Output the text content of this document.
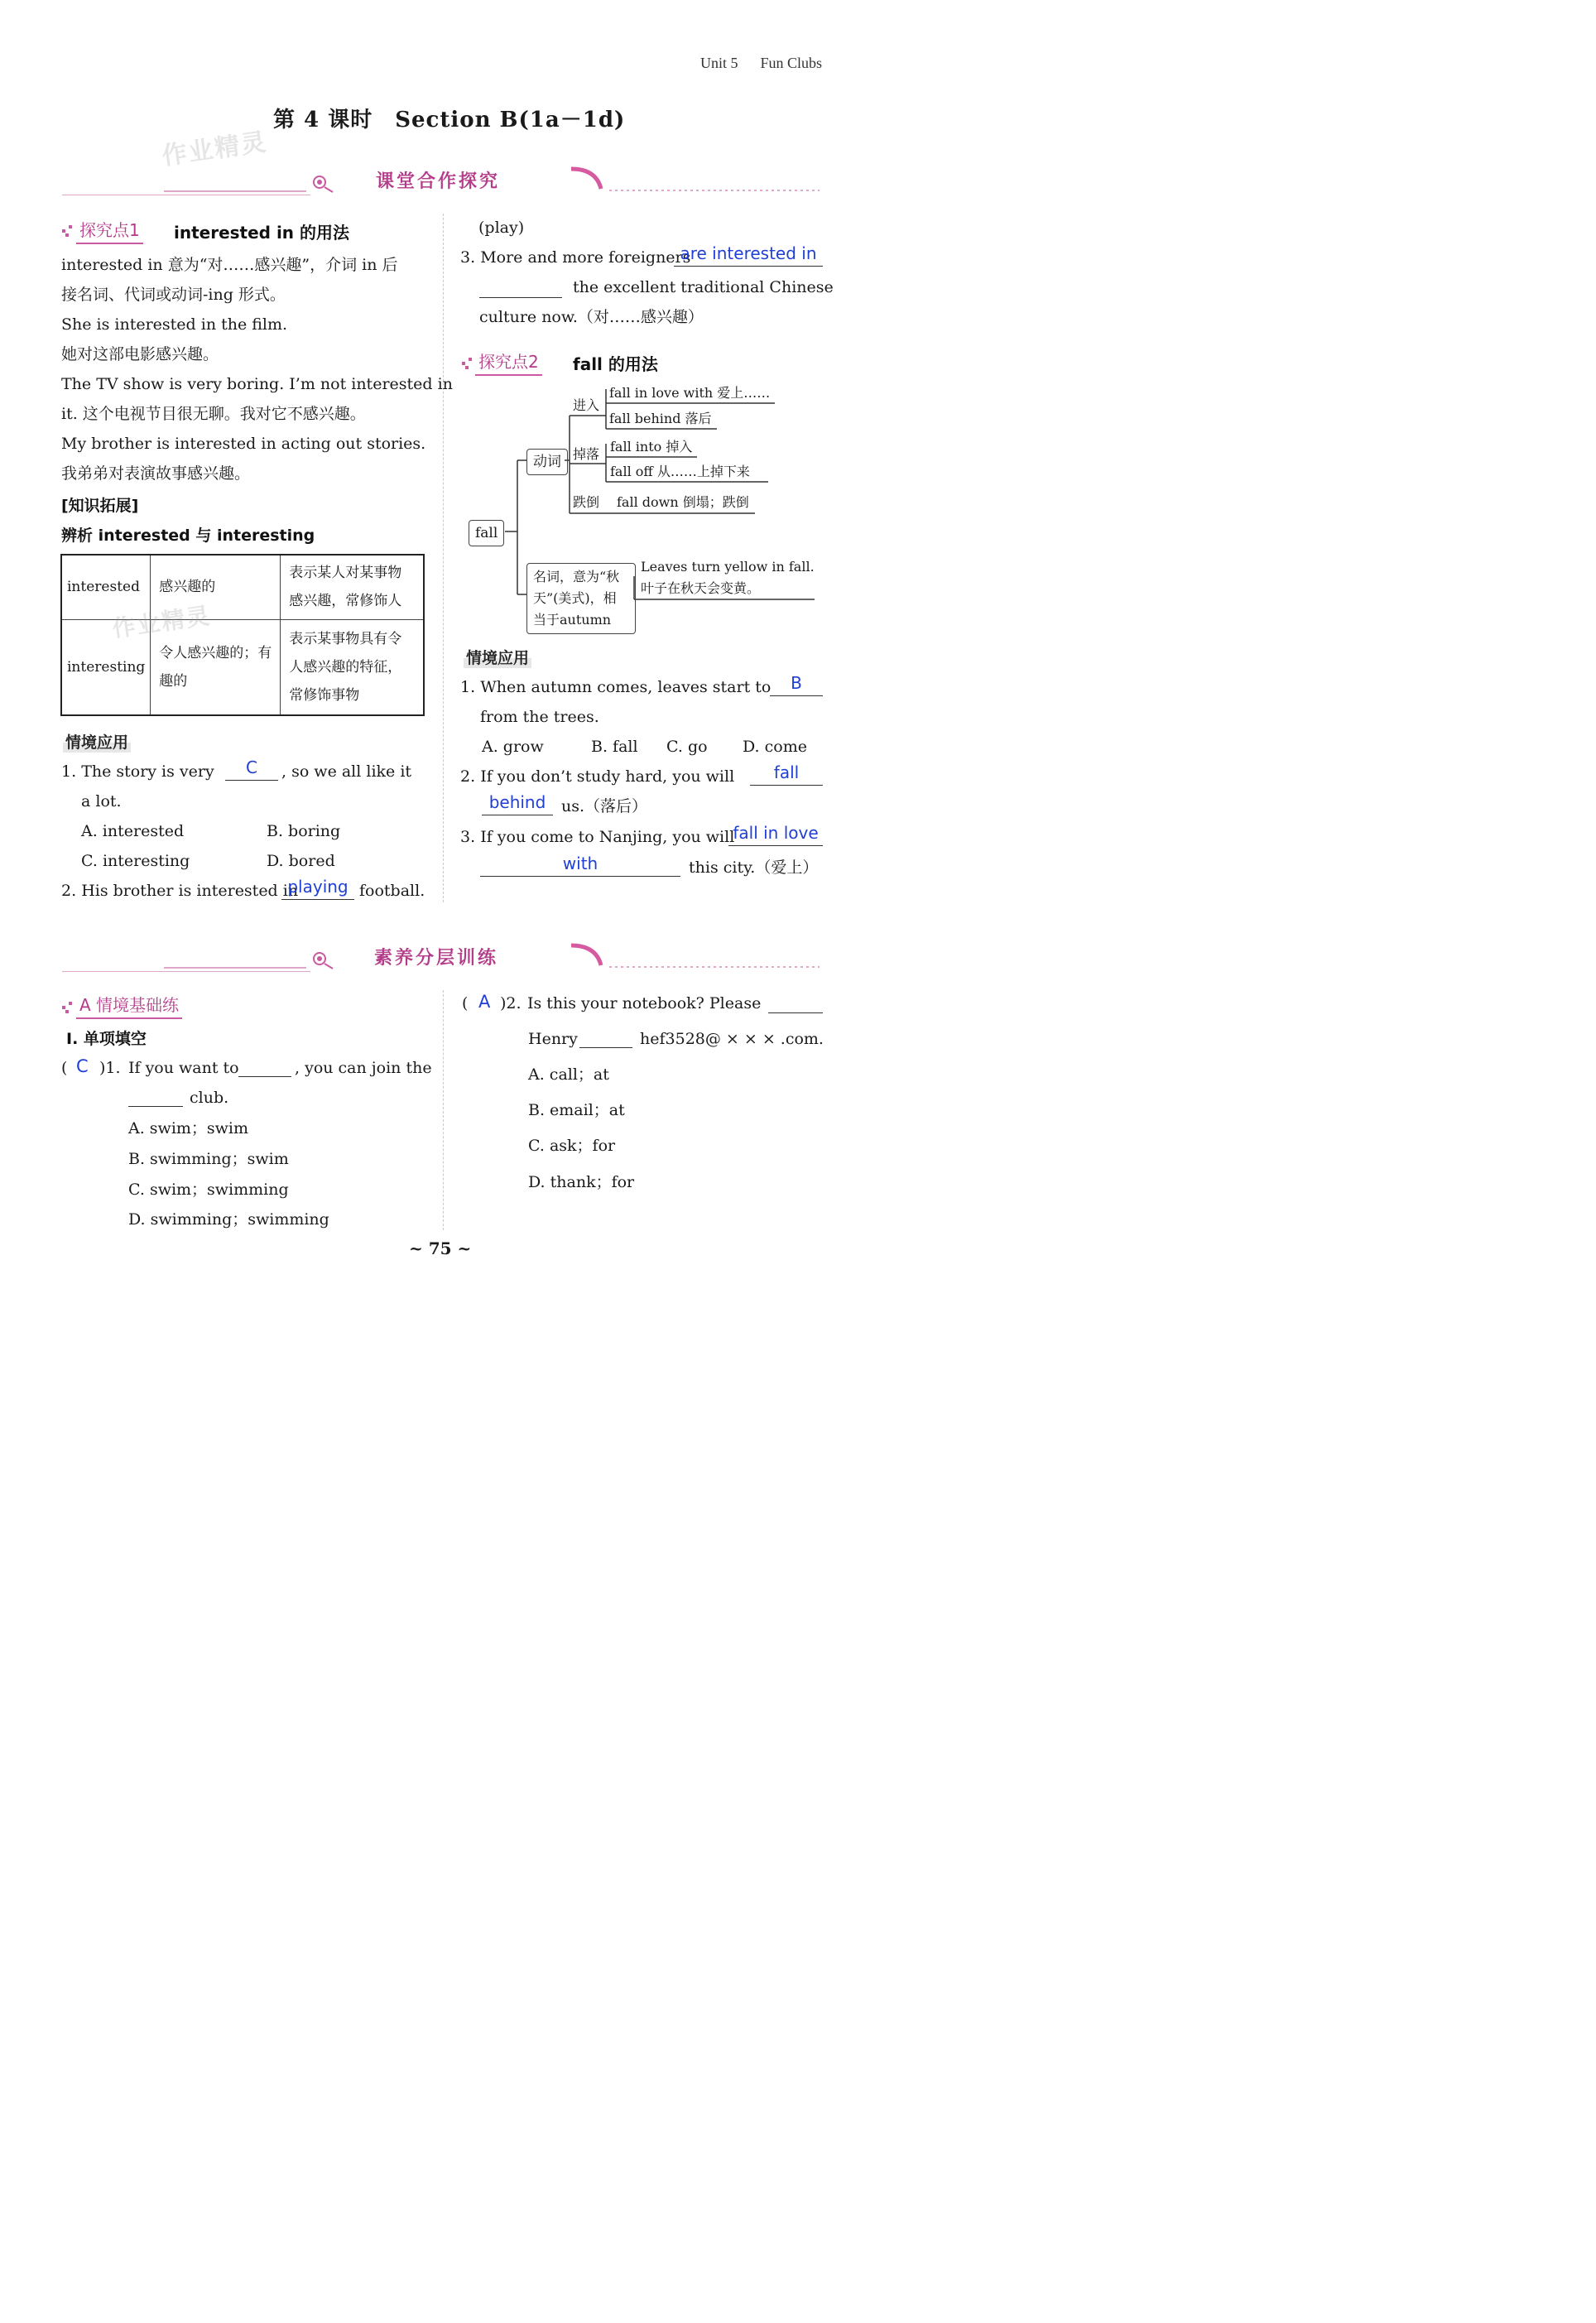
Unit 5 Fun Clubs
第 4 课时　Section B(1a－1d)
作业精灵
课堂合作探究
探究点1 interested in 的用法
interested in 意为“对……感兴趣”，介词 in 后
接名词、代词或动词-ing 形式。
She is interested in the film.
她对这部电影感兴趣。
The TV show is very boring. I’m not interested in
it. 这个电视节目很无聊。我对它不感兴趣。
My brother is interested in acting out stories.
我弟弟对表演故事感兴趣。
[知识拓展]
辨析 interested 与 interesting
interested	感兴趣的	表示某人对某事物感兴趣，常修饰人
interesting	令人感兴趣的；有趣的	表示某事物具有令人感兴趣的特征，常修饰事物
作业精灵
情境应用
1. The story is very	C	, so we all like it
a lot.
A. interested	B. boring
C. interesting	D. bored
2. His brother is interested in
playing football.
(play)
3. More and more foreigners
are interested in
the excellent traditional Chinese
culture now.（对……感兴趣）
探究点2 fall 的用法
fall
动词
进入
fall in love with 爱上……
fall behind 落后
掉落 fall into 掉入
fall off 从……上掉下来
跌倒 fall down 倒塌；跌倒
名词，意为“秋
天”(美式)，相
当于autumn
Leaves turn yellow in fall.
叶子在秋天会变黄。
情境应用
1. When autumn comes, leaves start to	B
from the trees.
A. grow	B. fall C. go D. come
2. If you don’t study hard, you will	fall
behind us.（落后）
3. If you come to Nanjing, you will
fall in love
with	this city.（爱上）
素养分层训练
A 情境基础练
Ⅰ. 单项填空
( C )1. If you want to	, you can join the
club.
A. swim；swim
B. swimming；swim
C. swim；swimming
D. swimming；swimming
( A )2. Is this your notebook? Please
Henry	hef3528@ × × × .com.
A. call；at
B. email；at
C. ask；for
D. thank；for
~ 75 ~
